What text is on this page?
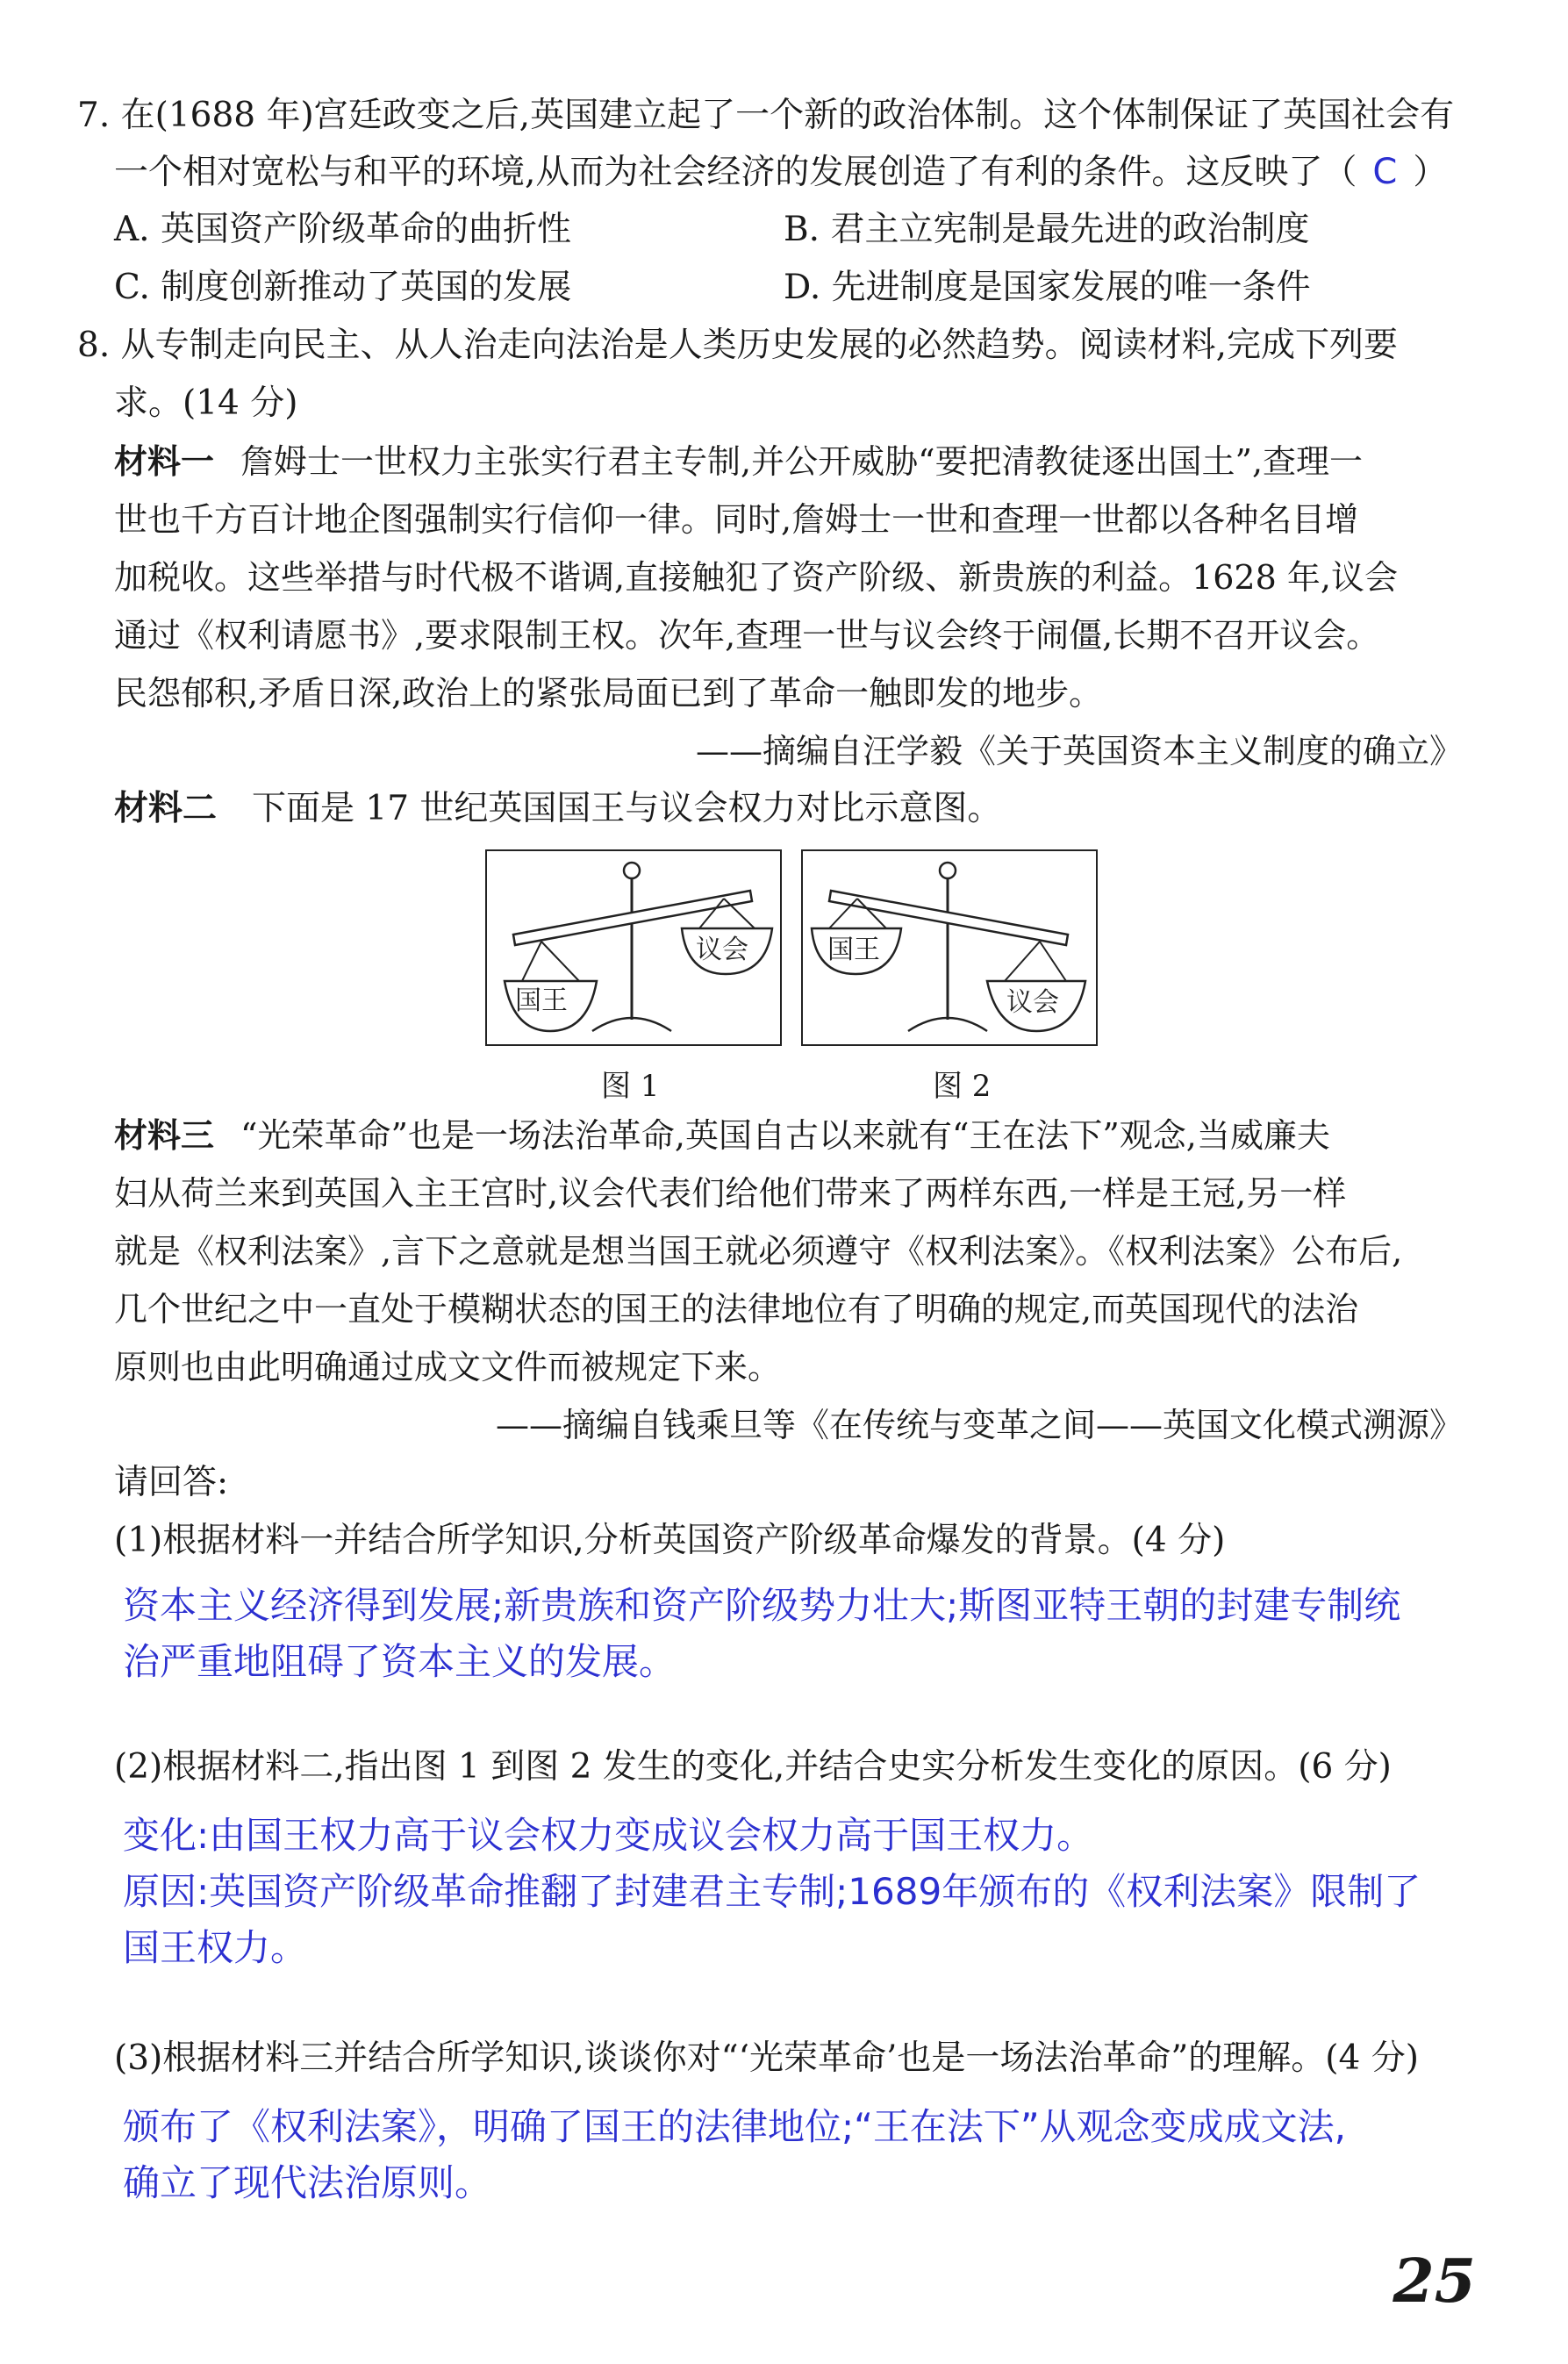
7. 在(1688 年)宫廷政变之后,英国建立起了一个新的政治体制。这个体制保证了英国社会有
一个相对宽松与和平的环境,从而为社会经济的发展创造了有利的条件。这反映了（ C ）
A. 英国资产阶级革命的曲折性	B. 君主立宪制是最先进的政治制度
C. 制度创新推动了英国的发展	D. 先进制度是国家发展的唯一条件
8. 从专制走向民主、从人治走向法治是人类历史发展的必然趋势。阅读材料,完成下列要
求。(14 分)
材料一 詹姆士一世权力主张实行君主专制,并公开威胁“要把清教徒逐出国土”,查理一
世也千方百计地企图强制实行信仰一律。同时,詹姆士一世和查理一世都以各种名目增
加税收。这些举措与时代极不谐调,直接触犯了资产阶级、新贵族的利益。1628 年,议会
通过《权利请愿书》,要求限制王权。次年,查理一世与议会终于闹僵,长期不召开议会。
民怨郁积,矛盾日深,政治上的紧张局面已到了革命一触即发的地步。
——摘编自汪学毅《关于英国资本主义制度的确立》
材料二 下面是 17 世纪英国国王与议会权力对比示意图。
国王
议会
图 1
国王
议会
图 2
材料三 “光荣革命”也是一场法治革命,英国自古以来就有“王在法下”观念,当威廉夫
妇从荷兰来到英国入主王宫时,议会代表们给他们带来了两样东西,一样是王冠,另一样
就是《权利法案》,言下之意就是想当国王就必须遵守《权利法案》。《权利法案》公布后,
几个世纪之中一直处于模糊状态的国王的法律地位有了明确的规定,而英国现代的法治
原则也由此明确通过成文文件而被规定下来。
——摘编自钱乘旦等《在传统与变革之间——英国文化模式溯源》
请回答:
(1)根据材料一并结合所学知识,分析英国资产阶级革命爆发的背景。(4 分)
资本主义经济得到发展;新贵族和资产阶级势力壮大;斯图亚特王朝的封建专制统
治严重地阻碍了资本主义的发展。
(2)根据材料二,指出图 1 到图 2 发生的变化,并结合史实分析发生变化的原因。(6 分)
变化:由国王权力高于议会权力变成议会权力高于国王权力。
原因:英国资产阶级革命推翻了封建君主专制;1689年颁布的《权利法案》限制了
国王权力。
(3)根据材料三并结合所学知识,谈谈你对“‘光荣革命’也是一场法治革命”的理解。(4 分)
颁布了《权利法案》，明确了国王的法律地位;“王在法下”从观念变成成文法,
确立了现代法治原则。
25
